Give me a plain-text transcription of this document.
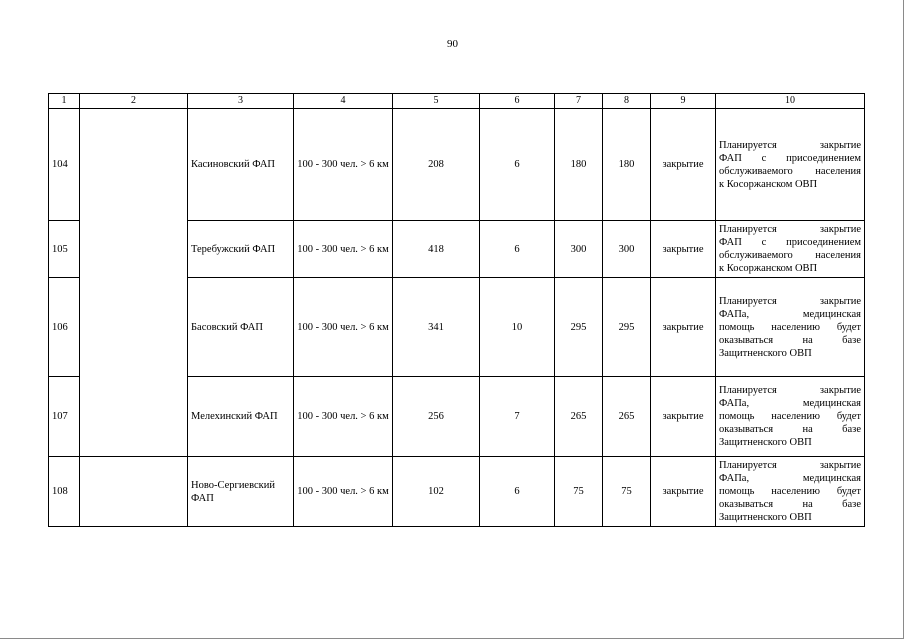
90
1	2	3	4	5	6	7	8	9	10
104		Касиновский ФАП	100 - 300 чел. > 6 км	208	6	180	180	закрытие	Планируется закрытие
ФАП с присоединением
обслуживаемого населения
к Косоржанском ОВП

105		Теребужский ФАП	100 - 300 чел. > 6 км	418	6	300	300	закрытие	Планируется закрытие
ФАП с присоединением
обслуживаемого населения
к Косоржанском ОВП

106		Басовский ФАП	100 - 300 чел. > 6 км	341	10	295	295	закрытие	Планируется закрытие
ФАПа, медицинская
помощь населению будет
оказываться на базе
Защитненского ОВП

107		Мелехинский ФАП	100 - 300 чел. > 6 км	256	7	265	265	закрытие	Планируется закрытие
ФАПа, медицинская
помощь населению будет
оказываться на базе
Защитненского ОВП

108		Ново-Сергиевский ФАП	100 - 300 чел. > 6 км	102	6	75	75	закрытие	Планируется закрытие
ФАПа, медицинская
помощь населению будет
оказываться на базе
Защитненского ОВП
